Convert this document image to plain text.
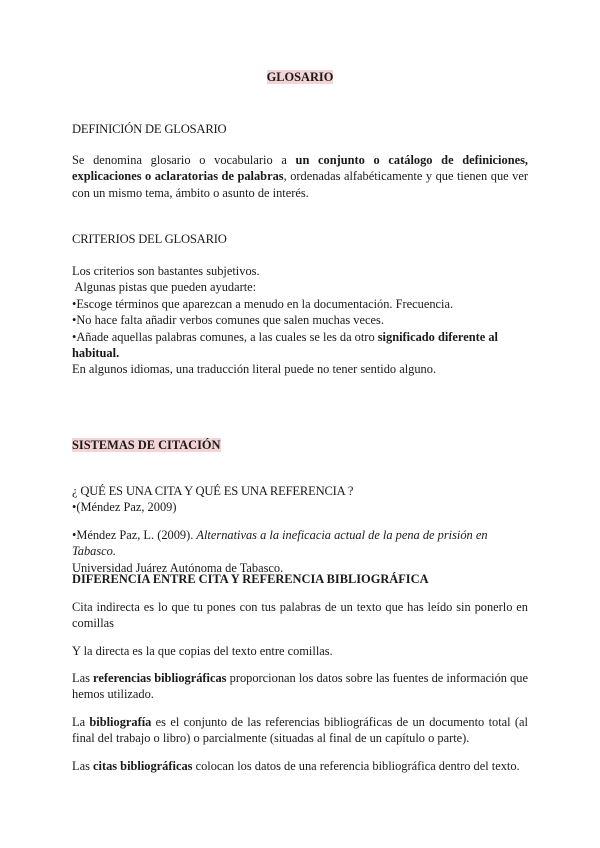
GLOSARIO
DEFINICIÓN DE GLOSARIO
Se denomina glosario o vocabulario a un conjunto o catálogo de definiciones, explicaciones o aclaratorias de palabras, ordenadas alfabéticamente y que tienen que ver con un mismo tema, ámbito o asunto de interés.
CRITERIOS DEL GLOSARIO
Los criterios son bastantes subjetivos.
Algunas pistas que pueden ayudarte:
•Escoge términos que aparezcan a menudo en la documentación. Frecuencia.
•No hace falta añadir verbos comunes que salen muchas veces.
•Añade aquellas palabras comunes, a las cuales se les da otro significado diferente al habitual.
En algunos idiomas, una traducción literal puede no tener sentido alguno.
SISTEMAS DE CITACIÓN
¿ QUÉ ES UNA CITA Y QUÉ ES UNA REFERENCIA ?
•(Méndez Paz, 2009)
•Méndez Paz, L. (2009). Alternativas a la ineficacia actual de la pena de prisión en Tabasco.
Universidad Juárez Autónoma de Tabasco.
DIFERENCIA ENTRE CITA Y REFERENCIA BIBLIOGRÁFICA
Cita indirecta es lo que tu pones con tus palabras de un texto que has leído sin ponerlo en comillas
Y la directa es la que copias del texto entre comillas.
Las referencias bibliográficas proporcionan los datos sobre las fuentes de información que hemos utilizado.
La bibliografía es el conjunto de las referencias bibliográficas de un documento total (al final del trabajo o libro) o parcialmente (situadas al final de un capítulo o parte).
Las citas bibliográficas colocan los datos de una referencia bibliográfica dentro del texto.
